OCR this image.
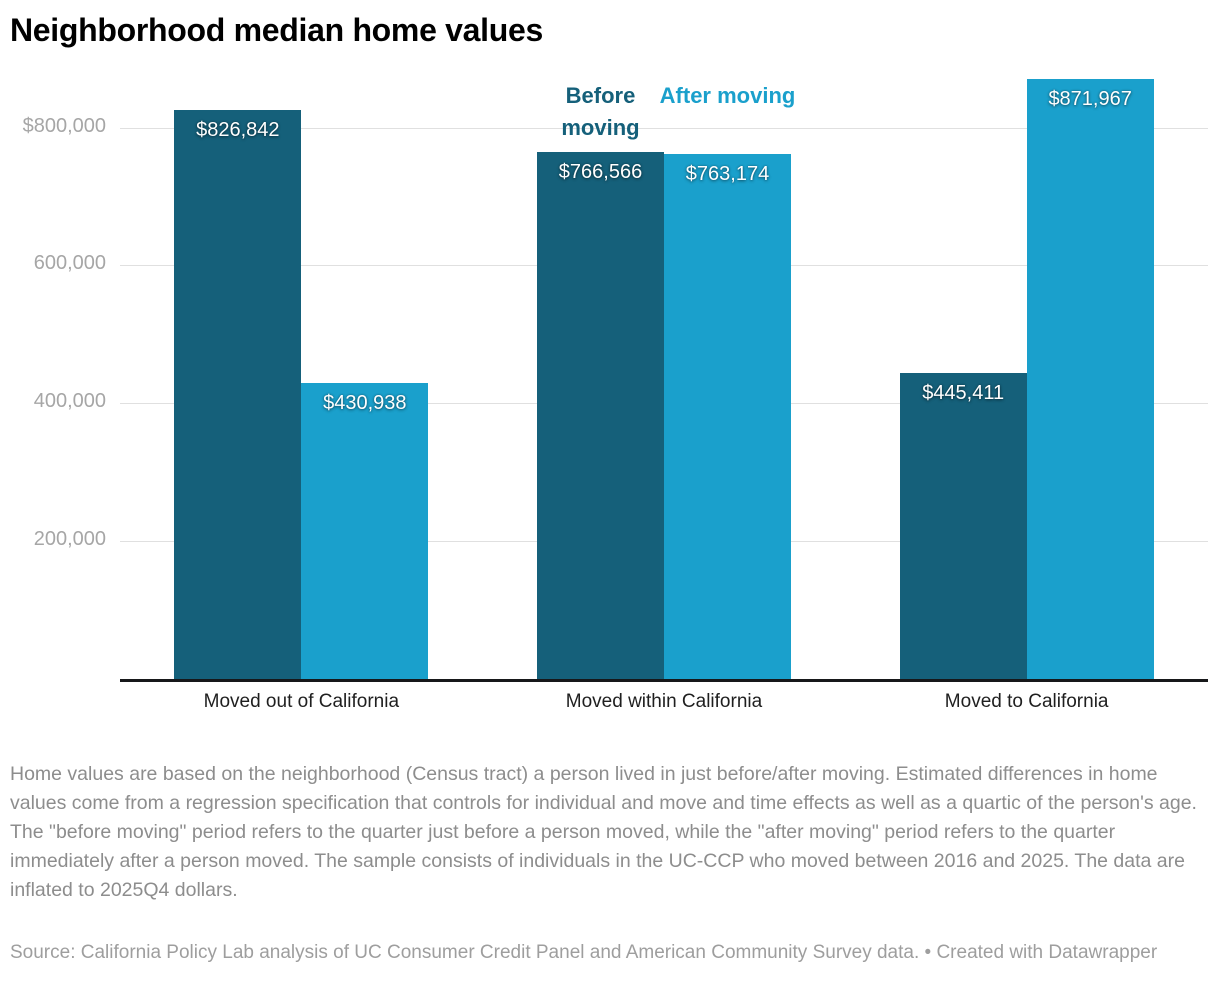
Neighborhood median home values
200,000
400,000
600,000
$800,000
Moved out of California	Moved within California	Moved to California
$826,842
$766,566
$445,411
Before moving
$430,938
$763,174
$871,967
After moving

Home values are based on the neighborhood (Census tract) a person lived in just before/after moving. Estimated differences in home values come from a regression specification that controls for individual and move and time effects as well as a quartic of the person's age. The "before moving" period refers to the quarter just before a person moved, while the "after moving" period refers to the quarter immediately after a person moved. The sample consists of individuals in the UC-CCP who moved between 2016 and 2025. The data are inflated to 2025Q4 dollars.

Source: California Policy Lab analysis of UC Consumer Credit Panel and American Community Survey data. • Created with Datawrapper
